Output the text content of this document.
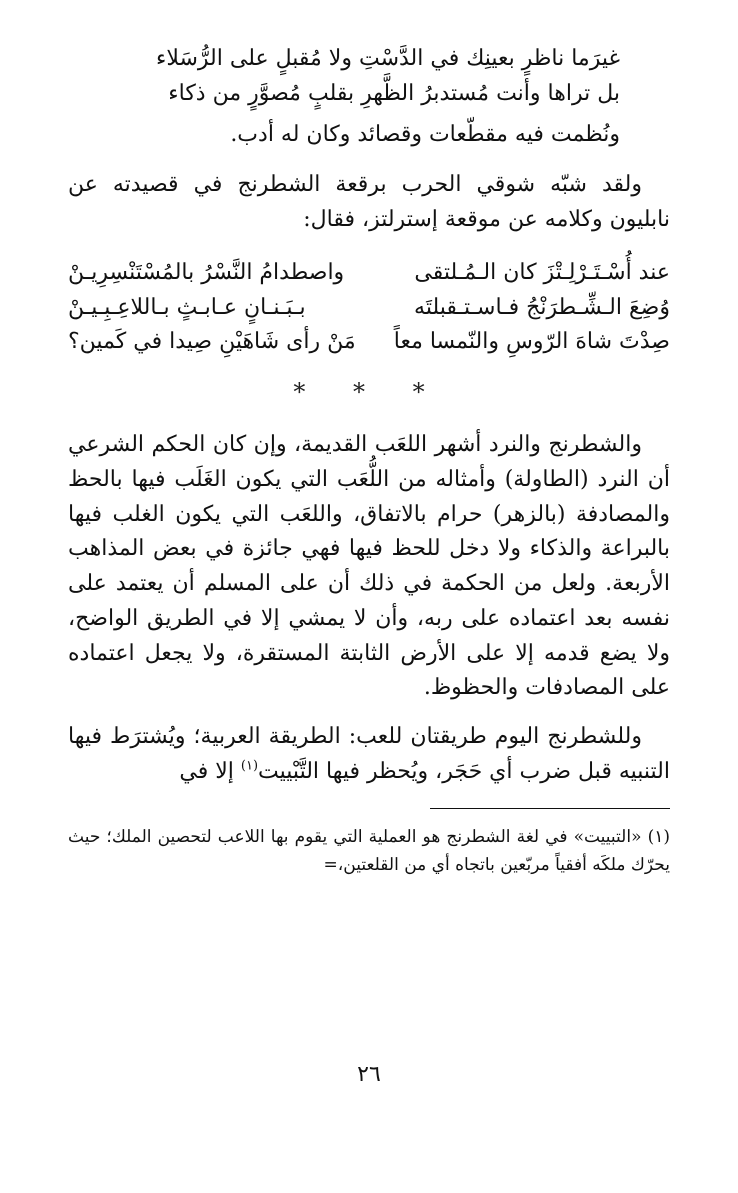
غيرَما ناظرٍ بعينِك في الدَّسْتِ ولا مُقبلٍ على الرُّسَلاء
بل تراها وأنت مُستدبرُ الظَّهرِ بقلبٍ مُصوَّرٍ من ذكاء

ونُظمت فيه مقطّعات وقصائد وكان له أدب.

ولقد شبّه شوقي الحرب برقعة الشطرنج في قصيدته عن نابليون وكلامه عن موقعة إسترلتز، فقال:

عند أُسْـتَـرْلِـتْزَ كان الـمُـلتقى
واصطدامُ النَّسْرُ بالمُسْتَنْسِرِيـنْ
وُضِعَ الـشِّـطرَنْجُ فـاسـتـقبلتَه
بـبَـنـانٍ عـابـثٍ بـاللاعِـبِـيـنْ
صِدْتَ شاهَ الرّوسِ والنّمسا معاً
مَنْ رأى شَاهَيْنِ صِيدا في كَمين؟
* * *

والشطرنج والنرد أشهر اللعَب القديمة، وإن كان الحكم الشرعي أن النرد (الطاولة) وأمثاله من اللُّعَب التي يكون الغَلَب فيها بالحظ والمصادفة (بالزهر) حرام بالاتفاق، واللعَب التي يكون الغلب فيها بالبراعة والذكاء ولا دخل للحظ فيها فهي جائزة في بعض المذاهب الأربعة. ولعل من الحكمة في ذلك أن على المسلم أن يعتمد على نفسه بعد اعتماده على ربه، وأن لا يمشي إلا في الطريق الواضح، ولا يضع قدمه إلا على الأرض الثابتة المستقرة، ولا يجعل اعتماده على المصادفات والحظوظ.

وللشطرنج اليوم طريقتان للعب: الطريقة العربية؛ ويُشترَط فيها التنبيه قبل ضرب أي حَجَر، ويُحظر فيها التَّبْييت$^{(١)}$ إلا في

(١) «التبييت» في لغة الشطرنج هو العملية التي يقوم بها اللاعب لتحصين الملك؛ حيث يحرّك ملكَه أفقياً مربّعين باتجاه أي من القلعتين،=

٢٦
